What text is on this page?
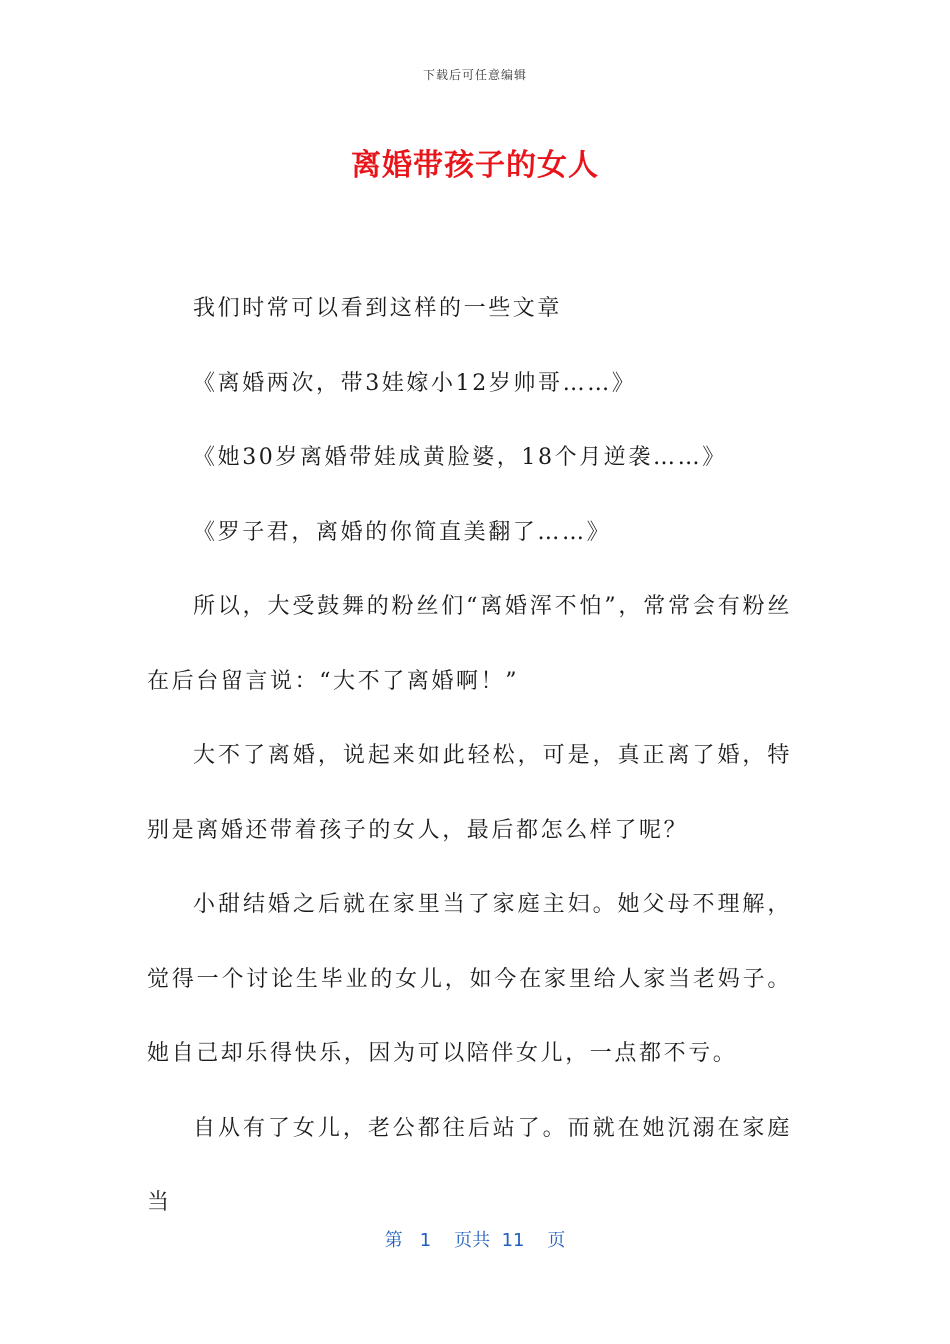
下载后可任意编辑
离婚带孩子的女人

我们时常可以看到这样的一些文章

《离婚两次，带3娃嫁小12岁帅哥……》

《她30岁离婚带娃成黄脸婆，18个月逆袭……》

《罗子君，离婚的你简直美翻了……》

所以，大受鼓舞的粉丝们“离婚浑不怕”，常常会有粉丝在后台留言说：“大不了离婚啊！”

大不了离婚，说起来如此轻松，可是，真正离了婚，特别是离婚还带着孩子的女人，最后都怎么样了呢？

小甜结婚之后就在家里当了家庭主妇。她父母不理解，觉得一个讨论生毕业的女儿，如今在家里给人家当老妈子。她自己却乐得快乐，因为可以陪伴女儿，一点都不亏。

自从有了女儿，老公都往后站了。而就在她沉溺在家庭当

第 1 页共 11 页
